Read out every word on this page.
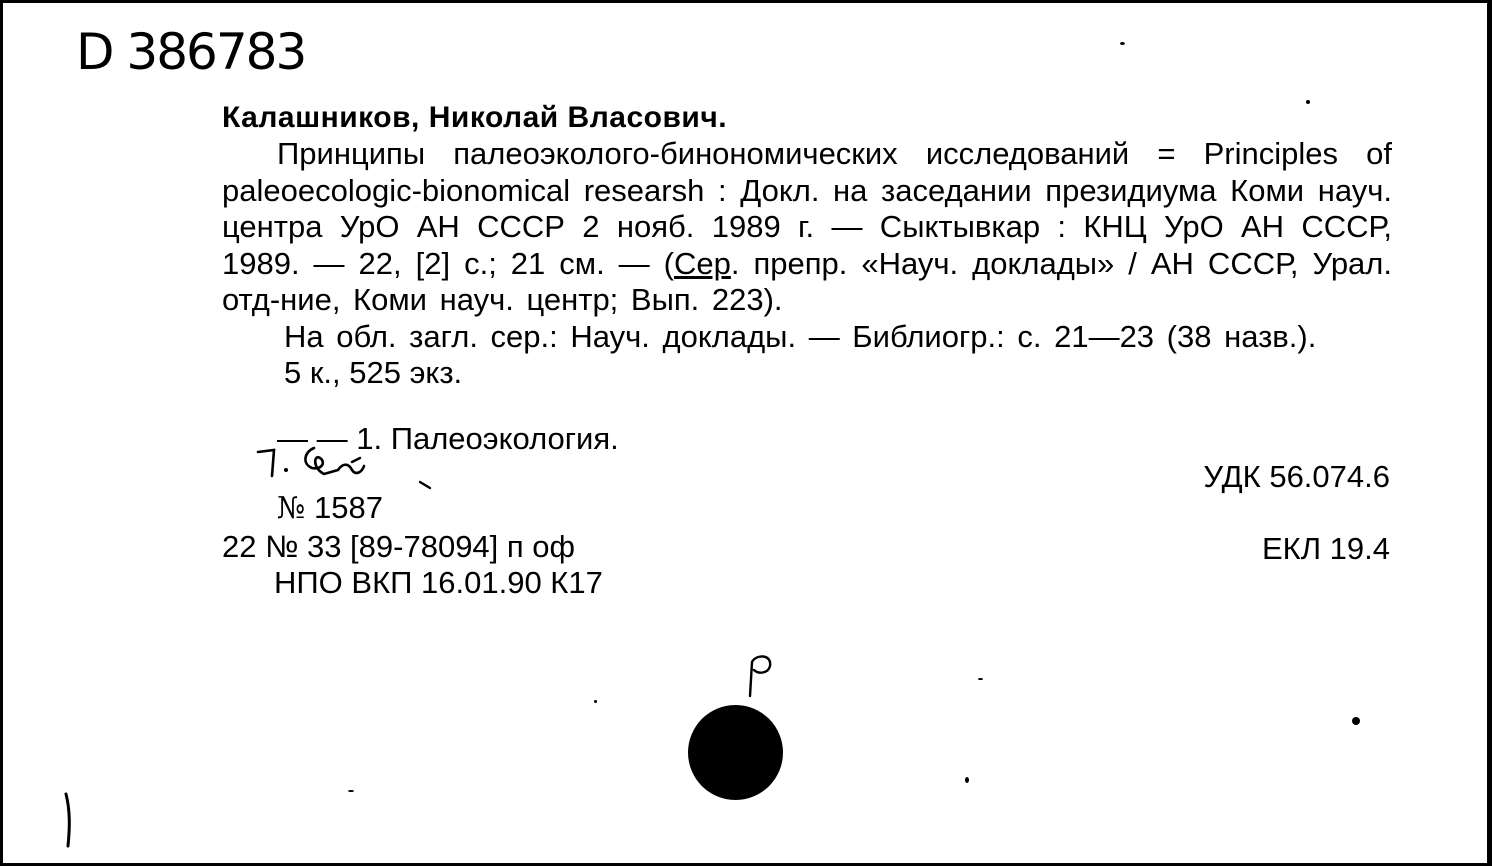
D 386783

Калашников, Николай Власович.

Принципы палеоэколого-бинономических исследований = Principles of paleoecologic-bionomical researsh : Докл. на заседании президиума Коми науч. центра УрО АН СССР 2 нояб. 1989 г. — Сыктывкар : КНЦ УрО АН СССР, 1989. — 22, [2] с.; 21 см. — (Сер. препр. «Науч. доклады» / АН СССР, Урал. отд-ние, Коми науч. центр; Вып. 223).

На обл. загл. сер.: Науч. доклады. — Библиогр.: с. 21—23 (38 назв.).

5 к., 525 экз.

— — 1. Палеоэкология.
№ 1587
22 № 33 [89-78094] п оф
НПО ВКП 16.01.90 К17
УДК 56.074.6
ЕКЛ 19.4
